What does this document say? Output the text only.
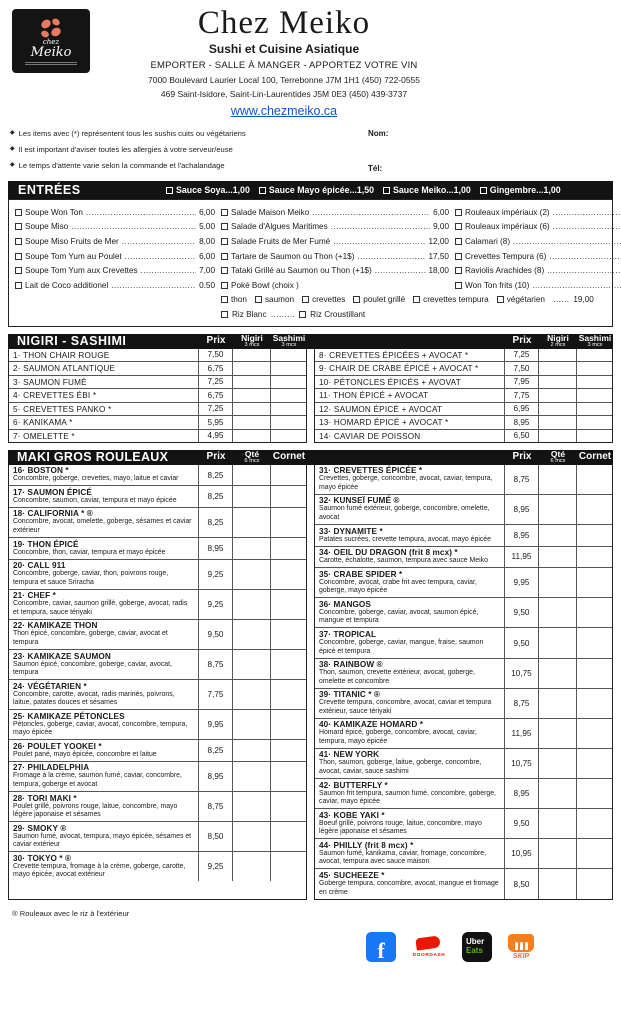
chez
Meiko
Chez Meiko
Sushi et Cuisine Asiatique
EMPORTER - SALLE À MANGER - APPORTEZ VOTRE VIN
7000 Boulevard Laurier Local 100, Terrebonne J7M 1H1 (450) 722-0555
469 Saint-Isidore, Saint-Lin-Laurentides J5M 0E3 (450) 439-3737
www.chezmeiko.ca
◆ Les items avec (*) représentent tous les sushis cuits ou végétariens
◆ Il est important d'aviser toutes les allergies à votre serveur/euse
◆ Le temps d'attente varie selon la commande et l'achalandage
Nom:
Tél:
ENTRÉES	Sauce Soya...1,00 Sauce Mayo épicée...1,50 Sauce Meiko...1,00 Gingembre...1,00
Soupe Won Ton .....	6,00
Soupe Miso .....	5,00
Soupe Miso Fruits de Mer .....	8,00
Soupe Tom Yum au Poulet .....	6,00
Soupe Tom Yum aux Crevettes .....	7,00
Lait de Coco additionel .....	0.50
Salade Maison Meiko .....	6,00
Salade d'Algues Maritimes .....	9,00
Salade Fruits de Mer Fumé .....	12,00
Tartare de Saumon ou Thon (+1$) .....	17,50
Tataki Grillé au Saumon ou Thon (+1$) .....	18,00
Poké Bowl (choix )
Rouleaux impériaux (2)
.....
Rouleaux impériaux (6)
.....
Calamari (8)
.....
Crevettes Tempura (6)
.....
Raviolis Arachides (8)
.....
Won Ton frits (10)
.....
thon saumon crevettes poulet grillé crevettes tempura végétarien …… 19,00
Riz Blanc ……… Riz Croustillant
NIGIRI - SASHIMI	Prix Nigiri
3 mcx
Sashimi
3 mcx	Prix Nigiri
2 mcx
Sashimi
3 mcx
1· THON CHAIR ROUGE	7,50
2· SAUMON ATLANTIQUE	6,75
3· SAUMON FUMÉ	7,25
4· CREVETTES ÉBI *	6,75
5· CREVETTES PANKO *	7,25
6· KANIKAMA *	5,95
7· OMELETTE *	4,95
8· CREVETTES ÉPICÉES + AVOCAT *	7,25
9· CHAIR DE CRABE ÉPICÉ + AVOCAT *	7,50
10· PÉTONCLES ÉPICÉS + AVOVAT	7,95
11· THON ÉPICÉ + AVOCAT	7,75
12· SAUMON ÉPICÉ + AVOCAT	6,95
13· HOMARD ÉPICÉ + AVOCAT *	8,95
14· CAVIAR DE POISSON	6,50
MAKI GROS ROULEAUX	Prix Qté
6 mcx Cornet	Prix Qté
6 mcx Cornet
16· BOSTON *
Concombre, goberge, crevettes, mayo, laitue et caviar	8,25
17· SAUMON ÉPICÉ
Concombre, saumon, caviar, tempura et mayo épicée	8,25
18· CALIFORNIA * ®
Concombre, avocat, omelette, goberge, sésames et caviar extérieur
8,25
19· THON ÉPICÉ
Concombre, thon, caviar, tempura et mayo épicée	8,95
20· CALL 911
Concombre, goberge, caviar, thon, poivrons rouge, tempura et sauce Sriracha
9,25
21· CHEF *
Concombre, caviar, saumon grillé, goberge, avocat, radis et tempura, sauce tériyaki
9,25
22· KAMIKAZE THON
Thon épicé, concombre, goberge, caviar, avocat et tempura
9,50
23· KAMIKAZE SAUMON
Saumon épicé, concombre, goberge, caviar, avocat, tempura
8,75
24· VÉGÉTARIEN *
Concombre, carotte, avocat, radis marinés, poivrons, laitue, patates douces et sésames
7,75
25· KAMIKAZE PÉTONCLES
Pétoncles, goberge, caviar, avocat, concombre, tempura, mayo épicée
9,95
26· POULET YOOKEI *
Poulet pané, mayo épicée, concombre et laitue	8,25
27· PHILADELPHIA
Fromage à la crème, saumon fumé, caviar, concombre, tempura, goberge et avocat
8,95
28· TORI MAKI *
Poulet grillé, poivrons rouge, laitue, concombre, mayo légère japonaise et sésames
8,75
29· SMOKY ®
Saumon fumé, avocat, tempura, mayo épicée, sésames et caviar extérieur
8,50
30· TOKYO * ®
Crevette tempura, fromage à la crème, goberge, carotte, mayo épicée, avocat extérieur
9,25
31· CREVETTES ÉPICÉE *
Crevettes, goberge, concombre, avocat, caviar, tempura, mayo épicée
8,75
32· KUNSEÏ FUMÉ ®
Saumon fumé extérieur, goberge, concombre, omelette, avocat
8,95
33· DYNAMITE *
Patates sucrées, crevette tempura, avocat, mayo épicée	8,95
34· OEIL DU DRAGON (frit 8 mcx) *
Carotte, échalotte, saumon, tempura avec sauce Meiko	11,95
35· CRABE SPIDER *
Concombre, avocat, crabe frit avec tempura, caviar, goberge, mayo épicée
9,95
36· MANGOS
Concombre, goberge, caviar, avocat, saumon épicé, mangue et tempura
9,50
37· TROPICAL
Concombre, goberge, caviar, mangue, fraise, saumon épicé et tempura
9,50
38· RAINBOW ®
Thon, saumon, crevette extérieur, avocat, goberge, omelette et concombre
10,75
39· TITANIC * ®
Crevette tempura, concombre, avocat, caviar et tempura extérieur, sauce tériyaki
8,75
40· KAMIKAZE HOMARD *
Homard épicé, goberge, concombre, avocat, caviar, tempura, mayo épicée
11,95
41· NEW YORK
Thon, saumon, goberge, laitue, goberge, concombre, avocat, caviar, sauce sashimi
10,75
42· BUTTERFLY *
Saumon frit tempura, saumon fumé, concombre, goberge, caviar, mayo épicée
8,95
43· KOBE YAKI *
Boeuf grillé, poivrons rouge, laitue, concombre, mayo légère japonaise et sésames
9,50
44· PHILLY (frit 8 mcx) *
Saumon fumé, kanikama, caviar, fromage, concombre, avocat, tempura avec sauce maison
10,95
45· SUCHEEZE *
Goberge tempura, concombre, avocat, mangue et fromage en crème
8,50
® Rouleaux avec le riz à l'extérieur
f	DOORDASH
Uber
Eats
SKIP
